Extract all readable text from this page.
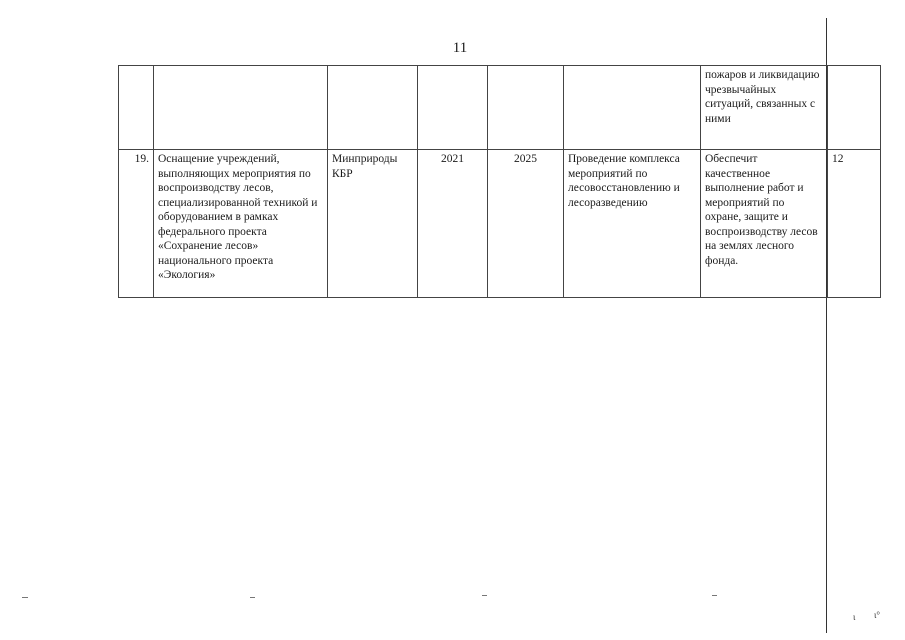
11
						пожаров и ликвидацию чрезвычайных ситуаций, связанных с ними	
19.	Оснащение учреждений, выполняющих мероприятия по воспроизводству лесов, специализированной техникой и оборудованием в рамках федерального проекта «Сохранение лесов» национального проекта «Экология»	Минприроды КБР	2021	2025	Проведение комплекса мероприятий по лесовосстановлению и лесоразведению	Обеспечит качественное выполнение работ и мероприятий по охране, защите и воспроизводству лесов на землях лесного фонда.	12
ι ι°
